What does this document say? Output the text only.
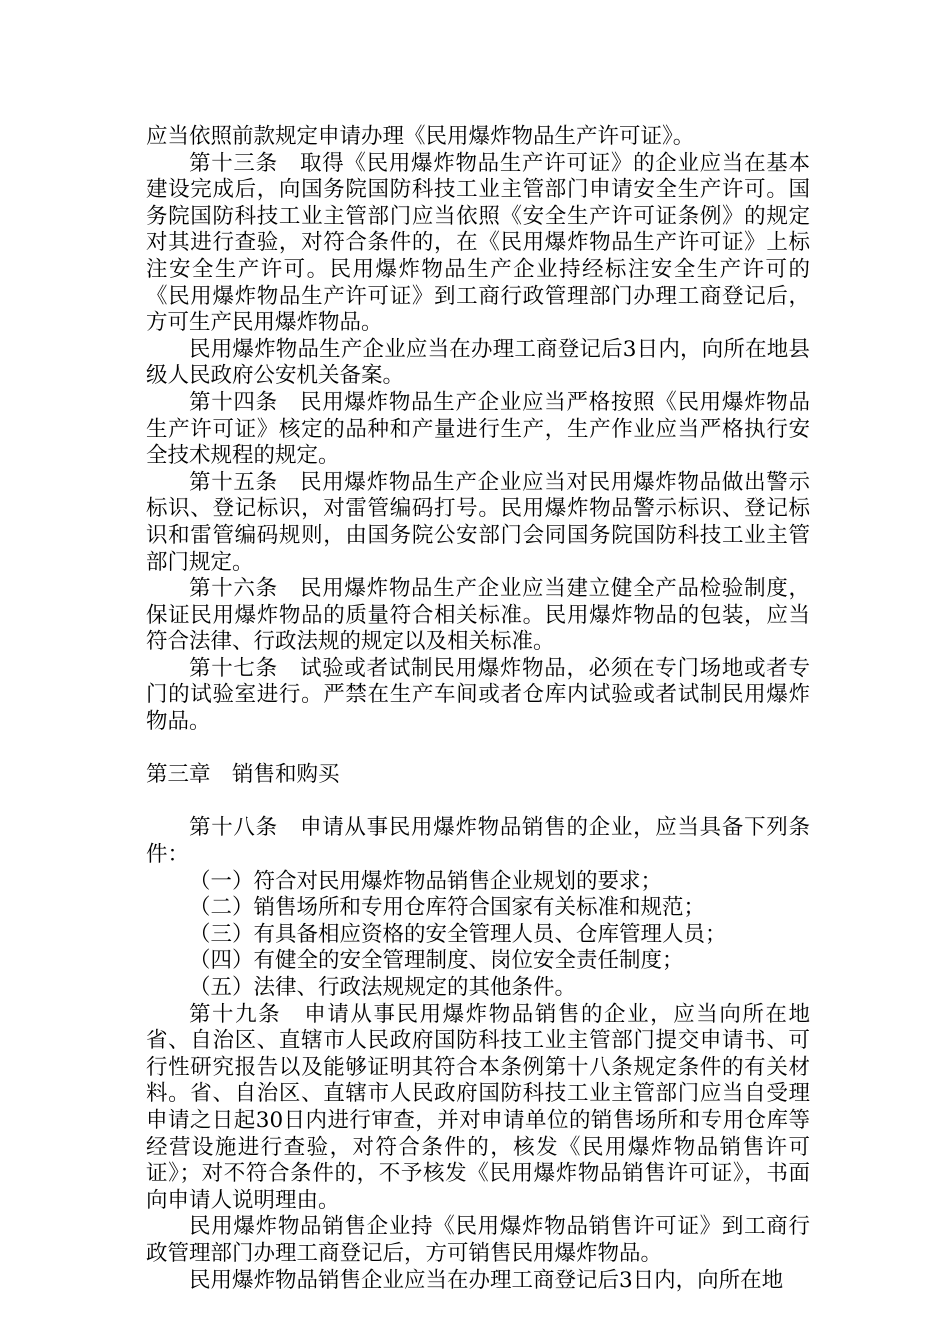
应当依照前款规定申请办理《民用爆炸物品生产许可证》。

第十三条　取得《民用爆炸物品生产许可证》的企业应当在基本建设完成后，向国务院国防科技工业主管部门申请安全生产许可。国务院国防科技工业主管部门应当依照《安全生产许可证条例》的规定对其进行查验，对符合条件的，在《民用爆炸物品生产许可证》上标注安全生产许可。民用爆炸物品生产企业持经标注安全生产许可的《民用爆炸物品生产许可证》到工商行政管理部门办理工商登记后，方可生产民用爆炸物品。

民用爆炸物品生产企业应当在办理工商登记后3日内，向所在地县级人民政府公安机关备案。

第十四条　民用爆炸物品生产企业应当严格按照《民用爆炸物品生产许可证》核定的品种和产量进行生产，生产作业应当严格执行安全技术规程的规定。

第十五条　民用爆炸物品生产企业应当对民用爆炸物品做出警示标识、登记标识，对雷管编码打号。民用爆炸物品警示标识、登记标识和雷管编码规则，由国务院公安部门会同国务院国防科技工业主管部门规定。

第十六条　民用爆炸物品生产企业应当建立健全产品检验制度，保证民用爆炸物品的质量符合相关标准。民用爆炸物品的包装，应当符合法律、行政法规的规定以及相关标准。

第十七条　试验或者试制民用爆炸物品，必须在专门场地或者专门的试验室进行。严禁在生产车间或者仓库内试验或者试制民用爆炸物品。

第三章　销售和购买

第十八条　申请从事民用爆炸物品销售的企业，应当具备下列条件：

（一）符合对民用爆炸物品销售企业规划的要求；

（二）销售场所和专用仓库符合国家有关标准和规范；

（三）有具备相应资格的安全管理人员、仓库管理人员；

（四）有健全的安全管理制度、岗位安全责任制度；

（五）法律、行政法规规定的其他条件。

第十九条　申请从事民用爆炸物品销售的企业，应当向所在地省、自治区、直辖市人民政府国防科技工业主管部门提交申请书、可行性研究报告以及能够证明其符合本条例第十八条规定条件的有关材料。省、自治区、直辖市人民政府国防科技工业主管部门应当自受理申请之日起30日内进行审查，并对申请单位的销售场所和专用仓库等经营设施进行查验，对符合条件的，核发《民用爆炸物品销售许可证》；对不符合条件的，不予核发《民用爆炸物品销售许可证》，书面向申请人说明理由。

民用爆炸物品销售企业持《民用爆炸物品销售许可证》到工商行政管理部门办理工商登记后，方可销售民用爆炸物品。

民用爆炸物品销售企业应当在办理工商登记后3日内，向所在地
